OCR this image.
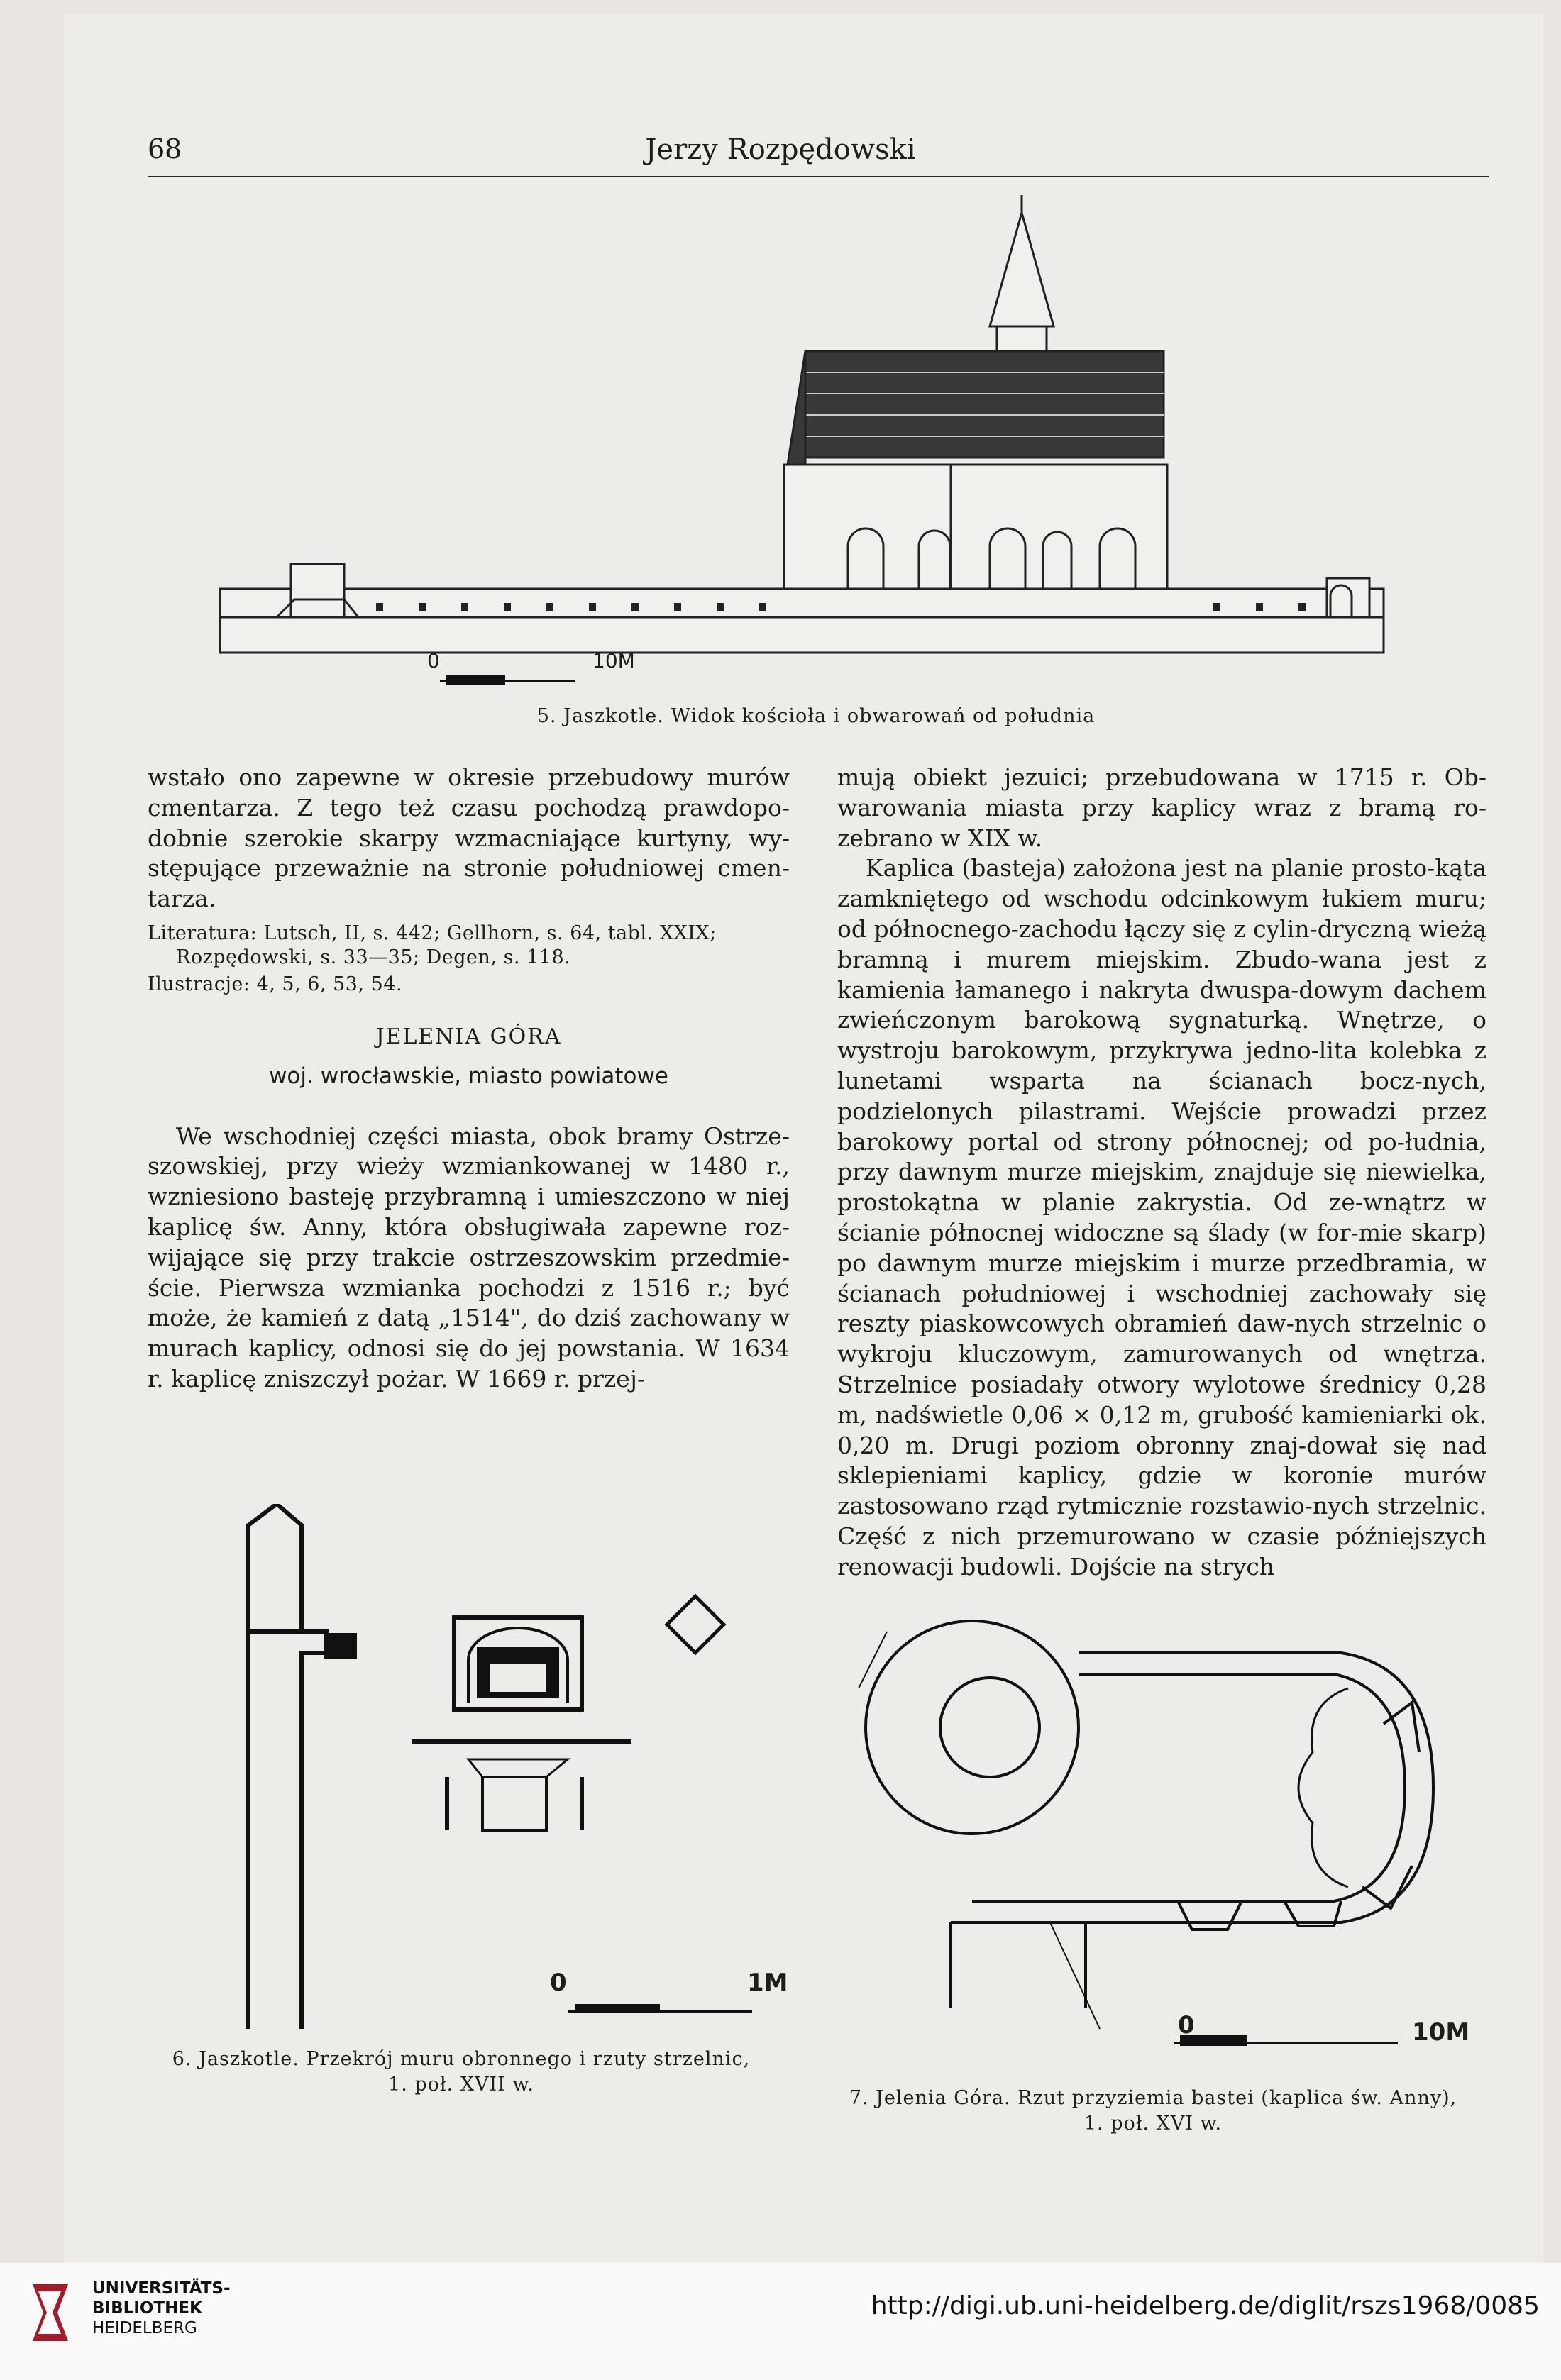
68	Jerzy Rozpędowski
0	10M
5. Jaszkotle. Widok kościoła i obwarowań od południa

wstało ono zapewne w okresie przebudowy murów cmentarza. Z tego też czasu pochodzą prawdopo-dobnie szerokie skarpy wzmacniające kurtyny, wy-stępujące przeważnie na stronie południowej cmen-tarza.

Literatura: Lutsch, II, s. 442; Gellhorn, s. 64, tabl. XXIX;
Rozpędowski, s. 33—35; Degen, s. 118.
Ilustracje: 4, 5, 6, 53, 54.
JELENIA GÓRA
woj. wrocławskie, miasto powiatowe

We wschodniej części miasta, obok bramy Ostrze-szowskiej, przy wieży wzmiankowanej w 1480 r., wzniesiono basteję przybramną i umieszczono w niej kaplicę św. Anny, która obsługiwała zapewne roz-wijające się przy trakcie ostrzeszowskim przedmie-ście. Pierwsza wzmianka pochodzi z 1516 r.; być może, że kamień z datą „1514", do dziś zachowany w murach kaplicy, odnosi się do jej powstania. W 1634 r. kaplicę zniszczył pożar. W 1669 r. przej-

mują obiekt jezuici; przebudowana w 1715 r. Ob-warowania miasta przy kaplicy wraz z bramą ro-zebrano w XIX w.

Kaplica (basteja) założona jest na planie prosto-kąta zamkniętego od wschodu odcinkowym łukiem muru; od północnego-zachodu łączy się z cylin-dryczną wieżą bramną i murem miejskim. Zbudo-wana jest z kamienia łamanego i nakryta dwuspa-dowym dachem zwieńczonym barokową sygnaturką. Wnętrze, o wystroju barokowym, przykrywa jedno-lita kolebka z lunetami wsparta na ścianach bocz-nych, podzielonych pilastrami. Wejście prowadzi przez barokowy portal od strony północnej; od po-łudnia, przy dawnym murze miejskim, znajduje się niewielka, prostokątna w planie zakrystia. Od ze-wnątrz w ścianie północnej widoczne są ślady (w for-mie skarp) po dawnym murze miejskim i murze przedbramia, w ścianach południowej i wschodniej zachowały się reszty piaskowcowych obramień daw-nych strzelnic o wykroju kluczowym, zamurowanych od wnętrza. Strzelnice posiadały otwory wylotowe średnicy 0,28 m, nadświetle 0,06 × 0,12 m, grubość kamieniarki ok. 0,20 m. Drugi poziom obronny znaj-dował się nad sklepieniami kaplicy, gdzie w koronie murów zastosowano rząd rytmicznie rozstawio-nych strzelnic. Część z nich przemurowano w czasie późniejszych renowacji budowli. Dojście na strych

0	1M
6. Jaszkotle. Przekrój muru obronnego i rzuty strzelnic,
1. poł. XVII w.
0	10M
7. Jelenia Góra. Rzut przyziemia bastei (kaplica św. Anny),
1. poł. XVI w.
UNIVERSITÄTS-
BIBLIOTHEK
HEIDELBERG
http://digi.ub.uni-heidelberg.de/diglit/rszs1968/0085
